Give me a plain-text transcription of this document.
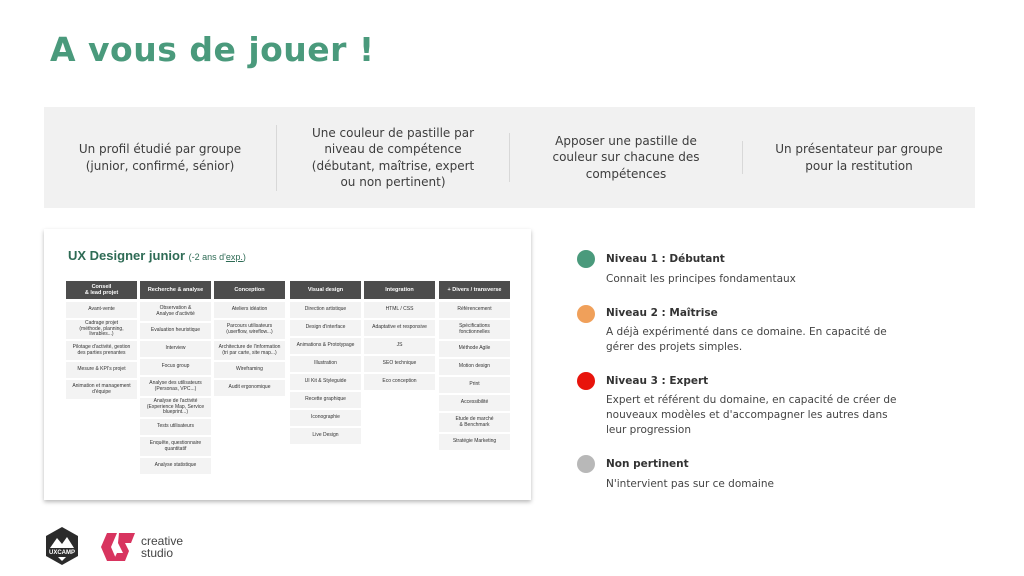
A vous de jouer !
Un profil étudié par groupe (junior, confirmé, sénior)
Une couleur de pastille par niveau de compétence (débutant, maîtrise, expert ou non pertinent)
Apposer une pastille de couleur sur chacune des compétences
Un présentateur par groupe pour la restitution
UX Designer junior (-2 ans d'exp.)
Conseil
& lead projet
Avant-vente
Cadrage projet
(méthode, planning, livrables...)
Pilotage d'activité, gestion
des parties prenantes
Mesure & KPI's projet
Animation et management
d'équipe
Recherche & analyse
Observation &
Analyse d'activité
Evaluation heuristique
Interview
Focus group
Analyse des utilisateurs
(Personas, VPC...)
Analyse de l'activité
(Experience Map, Service blueprint...)
Tests utilisateurs
Enquête, questionnaire
quantitatif
Analyse statistique
Conception
Ateliers idéation
Parcours utilisateurs
(userflow, wireflow...)
Architecture de l'information
(tri par carte, site map...)
Wireframing
Audit ergonomique
Visual design
Direction artistique
Design d'interface
Animations & Prototypage
Illustration
UI Kit & Styleguide
Recette graphique
Iconographie
Live Design
Integration
HTML / CSS
Adaptative et responsive
JS
SEO technique
Eco conception
+ Divers / transverse
Référencement
Spécifications
fonctionnelles
Méthode Agile
Motion design
Print
Accessibilité
Etude de marché
& Benchmark
Stratégie Marketing
Niveau 1 : Débutant
Connait les principes fondamentaux
Niveau 2 : Maîtrise
A déjà expérimenté dans ce domaine. En capacité de gérer des projets simples.
Niveau 3 : Expert
Expert et référent du domaine, en capacité de créer de nouveaux modèles et d'accompagner les autres dans leur progression
Non pertinent
N'intervient pas sur ce domaine
UXCAMP
creative
studio
